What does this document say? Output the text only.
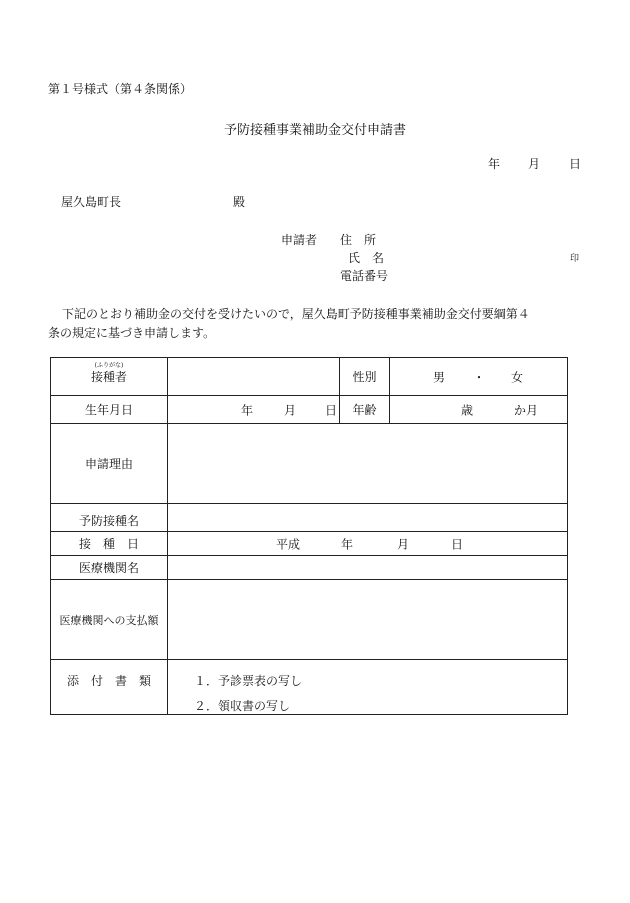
第１号様式（第４条関係）
予防接種事業補助金交付申請書
年 月 日
屋久島町長	殿
申請者 住　所
氏　名	印
電話番号
下記のとおり補助金の交付を受けたいので，屋久島町予防接種事業補助金交付要綱第４
条の規定に基づき申請します。
(ふりがな)
接種者		性別	男 ・ 女

生年月日	年 月 日	年齢	歳 か月

申請理由			
予防接種名			
接　種　日	平成 年 月 日		

医療機関名			
医療機関への支払額			
添　付　書　類	１．予診票表の写し
２．領収書の写し		
